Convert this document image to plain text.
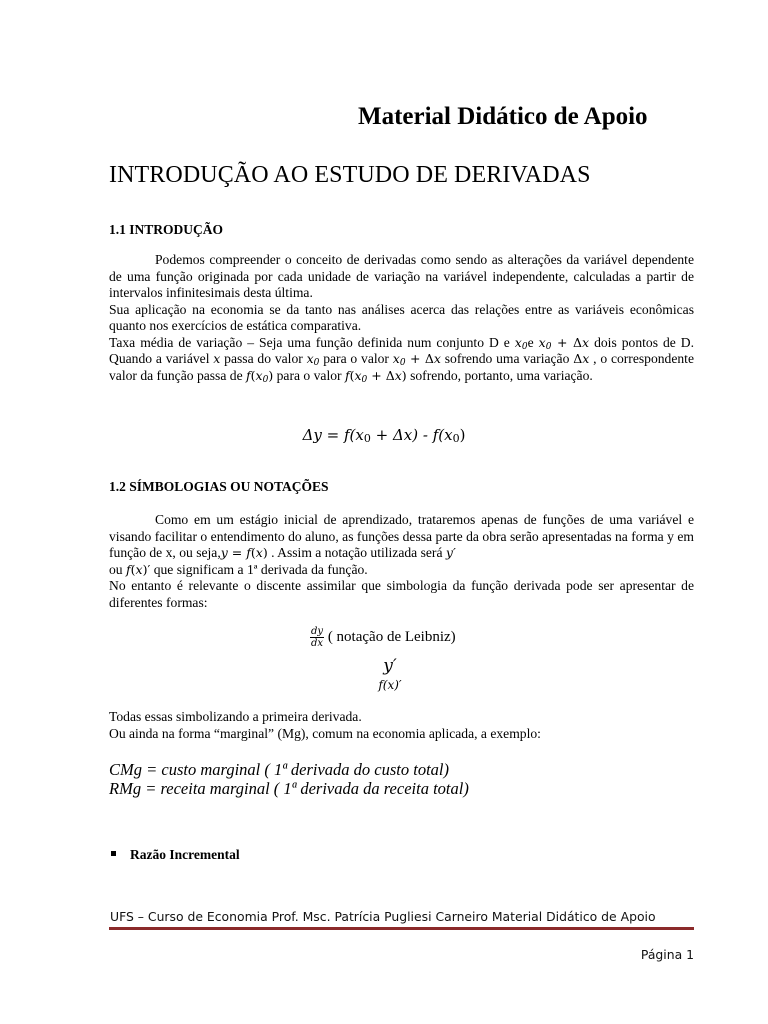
Material Didático de Apoio
INTRODUÇÃO AO ESTUDO DE DERIVADAS
1.1 INTRODUÇÃO

Podemos compreender o conceito de derivadas como sendo as alterações da variável dependente de uma função originada por cada unidade de variação na variável independente, calculadas a partir de intervalos infinitesimais desta última.

Sua aplicação na economia se da tanto nas análises acerca das relações entre as variáveis econômicas quanto nos exercícios de estática comparativa.

Taxa média de variação – Seja uma função definida num conjunto D e $x_0e$ $x_0 + \Delta x$ dois pontos de D. Quando a variável x passa do valor $x_0$ para o valor $x_0 + \Delta x$ sofrendo uma variação Δx , o correspondente valor da função passa de $f(x_0)$ para o valor $f(x_0 + \Delta x)$ sofrendo, portanto, uma variação.

$\Delta y = f(x_0 + \Delta x) - f(x_0)$
1.2 SÍMBOLOGIAS OU NOTAÇÕES

Como em um estágio inicial de aprendizado, trataremos apenas de funções de uma variável e visando facilitar o entendimento do aluno, as funções dessa parte da obra serão apresentadas na forma y em função de x, ou seja,y = f(x) . Assim a notação utilizada será y′
ou f(x)′ que significam a 1ª derivada da função.

No entanto é relevante o discente assimilar que simbologia da função derivada pode ser apresentar de diferentes formas:

$\frac{dy}{dx}$ ( notação de Leibniz)
y′
f(x)′
Todas essas simbolizando a primeira derivada.
Ou ainda na forma “marginal” (Mg), comum na economia aplicada, a exemplo:
CMg = custo marginal ( 1ª derivada do custo total)
RMg = receita marginal ( 1ª derivada da receita total)
Razão Incremental
UFS – Curso de Economia Prof. Msc. Patrícia Pugliesi Carneiro Material Didático de Apoio
Página 1
